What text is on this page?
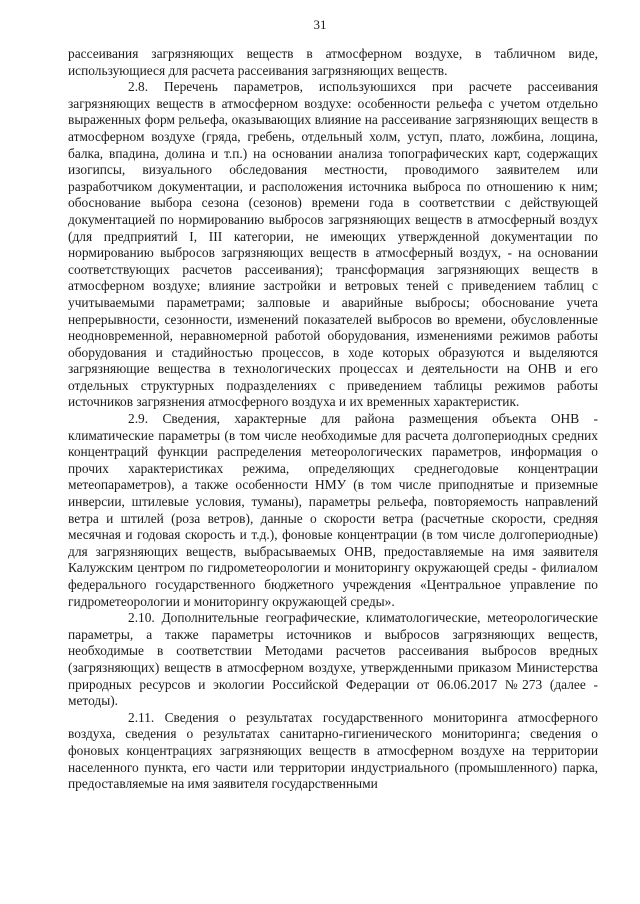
31

рассеивания загрязняющих веществ в атмосферном воздухе, в табличном виде, использующиеся для расчета рассеивания загрязняющих веществ.

2.8. Перечень параметров, используюшихся при расчете рассеивания загрязняющих веществ в атмосферном воздухе: особенности рельефа с учетом отдельно выраженных форм рельефа, оказывающих влияние на рассеивание загрязняющих веществ в атмосферном воздухе (гряда, гребень, отдельный холм, уступ, плато, ложбина, лощина, балка, впадина, долина и т.п.) на основании анализа топографических карт, содержащих изогипсы, визуального обследования местности, проводимого заявителем или разработчиком документации, и расположения источника выброса по отношению к ним; обоснование выбора сезона (сезонов) времени года в соответствии с действующей документацией по нормированию выбросов загрязняющих веществ в атмосферный воздух (для предприятий I, III категории, не имеющих утвержденной документации по нормированию выбросов загрязняющих веществ в атмосферный воздух, - на основании соответствующих расчетов рассеивания); трансформация загрязняющих веществ в атмосферном воздухе; влияние застройки и ветровых теней с приведением таблиц с учитываемыми параметрами; залповые и аварийные выбросы; обоснование учета непрерывности, сезонности, изменений показателей выбросов во времени, обусловленные неодновременной, неравномерной работой оборудования, изменениями режимов работы оборудования и стадийностью процессов, в ходе которых образуются и выделяются загрязняющие вещества в технологических процессах и деятельности на ОНВ и его отдельных структурных подразделениях с приведением таблицы режимов работы источников загрязнения атмосферного воздуха и их временных характеристик.

2.9. Сведения, характерные для района размещения объекта ОНВ - климатические параметры (в том числе необходимые для расчета долгопериодных средних концентраций функции распределения метеорологических параметров, информация о прочих характеристиках режима, определяющих среднегодовые концентрации метеопараметров), а также особенности НМУ (в том числе приподнятые и приземные инверсии, штилевые условия, туманы), параметры рельефа, повторяемость направлений ветра и штилей (роза ветров), данные о скорости ветра (расчетные скорости, средняя месячная и годовая скорость и т.д.), фоновые концентрации (в том числе долгопериодные) для загрязняющих веществ, выбрасываемых ОНВ, предоставляемые на имя заявителя Калужским центром по гидрометеорологии и мониторингу окружающей среды - филиалом федерального государственного бюджетного учреждения «Центральное управление по гидрометеорологии и мониторингу окружающей среды».

2.10. Дополнительные географические, климатологические, метеорологические параметры, а также параметры источников и выбросов загрязняющих веществ, необходимые в соответствии Методами расчетов рассеивания выбросов вредных (загрязняющих) веществ в атмосферном воздухе, утвержденными приказом Министерства природных ресурсов и экологии Российской Федерации от 06.06.2017 №273 (далее - методы).

2.11. Сведения о результатах государственного мониторинга атмосферного воздуха, сведения о результатах санитарно-гигиенического мониторинга; сведения о фоновых концентрациях загрязняющих веществ в атмосферном воздухе на территории населенного пункта, его части или территории индустриального (промышленного) парка, предоставляемые на имя заявителя государственными
